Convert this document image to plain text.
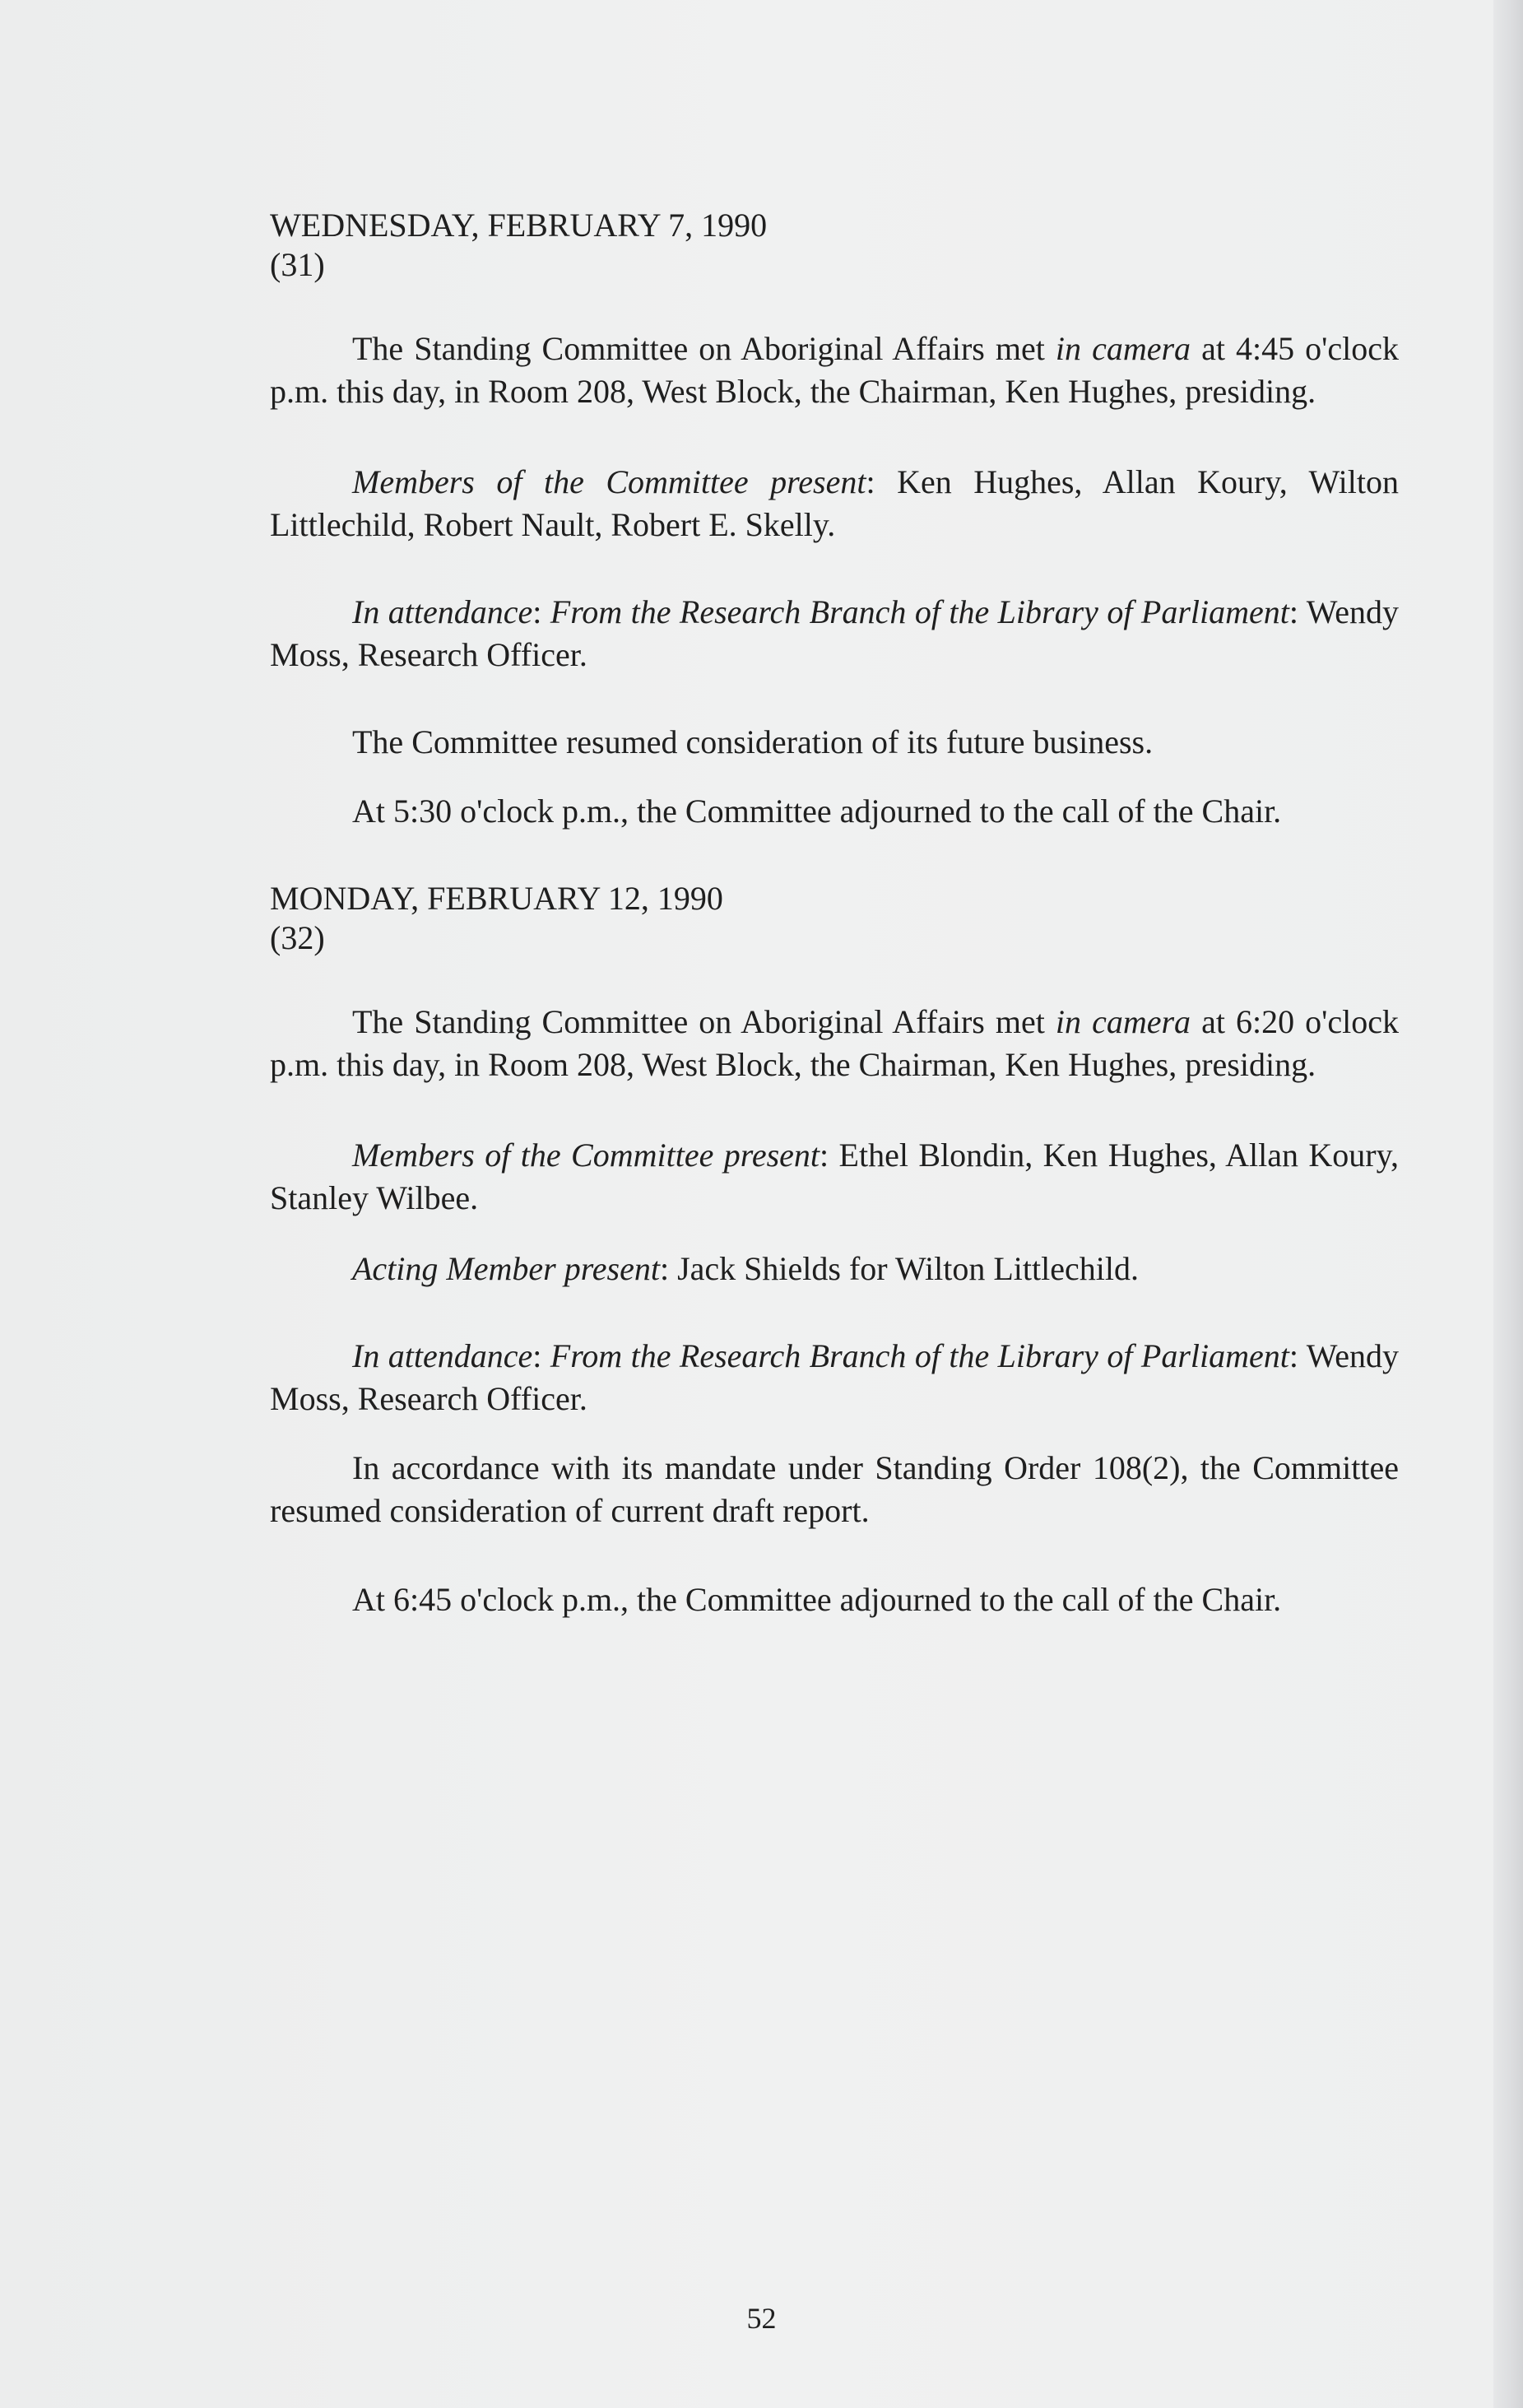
WEDNESDAY, FEBRUARY 7, 1990
(31)

The Standing Committee on Aboriginal Affairs met in camera at 4:45 o'clock p.m. this day, in Room 208, West Block, the Chairman, Ken Hughes, presiding.

Members of the Committee present: Ken Hughes, Allan Koury, Wilton Littlechild, Robert Nault, Robert E. Skelly.

In attendance: From the Research Branch of the Library of Parliament: Wendy Moss, Research Officer.

The Committee resumed consideration of its future business.

At 5:30 o'clock p.m., the Committee adjourned to the call of the Chair.

MONDAY, FEBRUARY 12, 1990
(32)

The Standing Committee on Aboriginal Affairs met in camera at 6:20 o'clock p.m. this day, in Room 208, West Block, the Chairman, Ken Hughes, presiding.

Members of the Committee present: Ethel Blondin, Ken Hughes, Allan Koury, Stanley Wilbee.

Acting Member present: Jack Shields for Wilton Littlechild.

In attendance: From the Research Branch of the Library of Parliament: Wendy Moss, Research Officer.

In accordance with its mandate under Standing Order 108(2), the Committee resumed consideration of current draft report.

At 6:45 o'clock p.m., the Committee adjourned to the call of the Chair.

52
